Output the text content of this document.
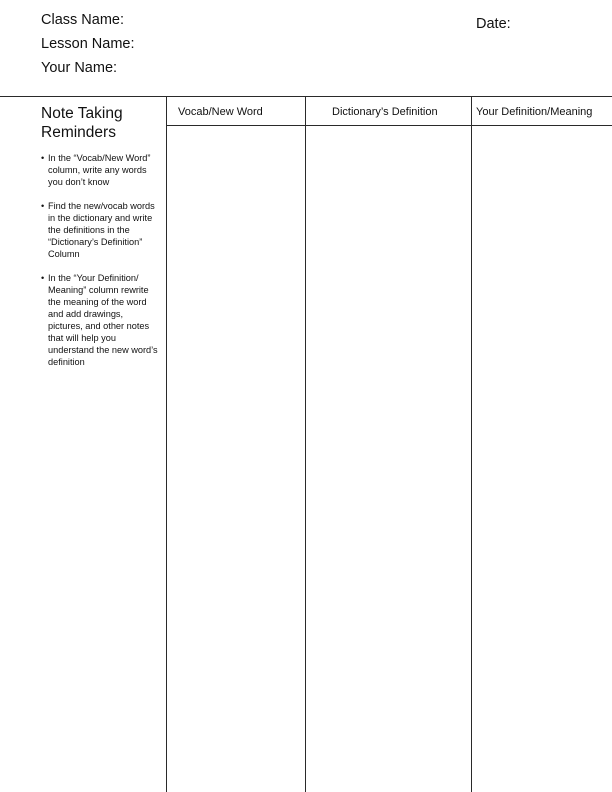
Class Name:
Lesson Name:
Your Name:
Date:
Note Taking
Reminders
• In the “Vocab/New Word” column, write any words you don’t know
• Find the new/vocab words in the dictionary and write the definitions in the “Dictionary’s Definition” Column
• In the “Your Definition/ Meaning” column rewrite the meaning of the word and add drawings, pictures, and other notes that will help you understand the new word’s definition
Vocab/New Word	Dictionary’s Definition	Your Definition/Meaning
